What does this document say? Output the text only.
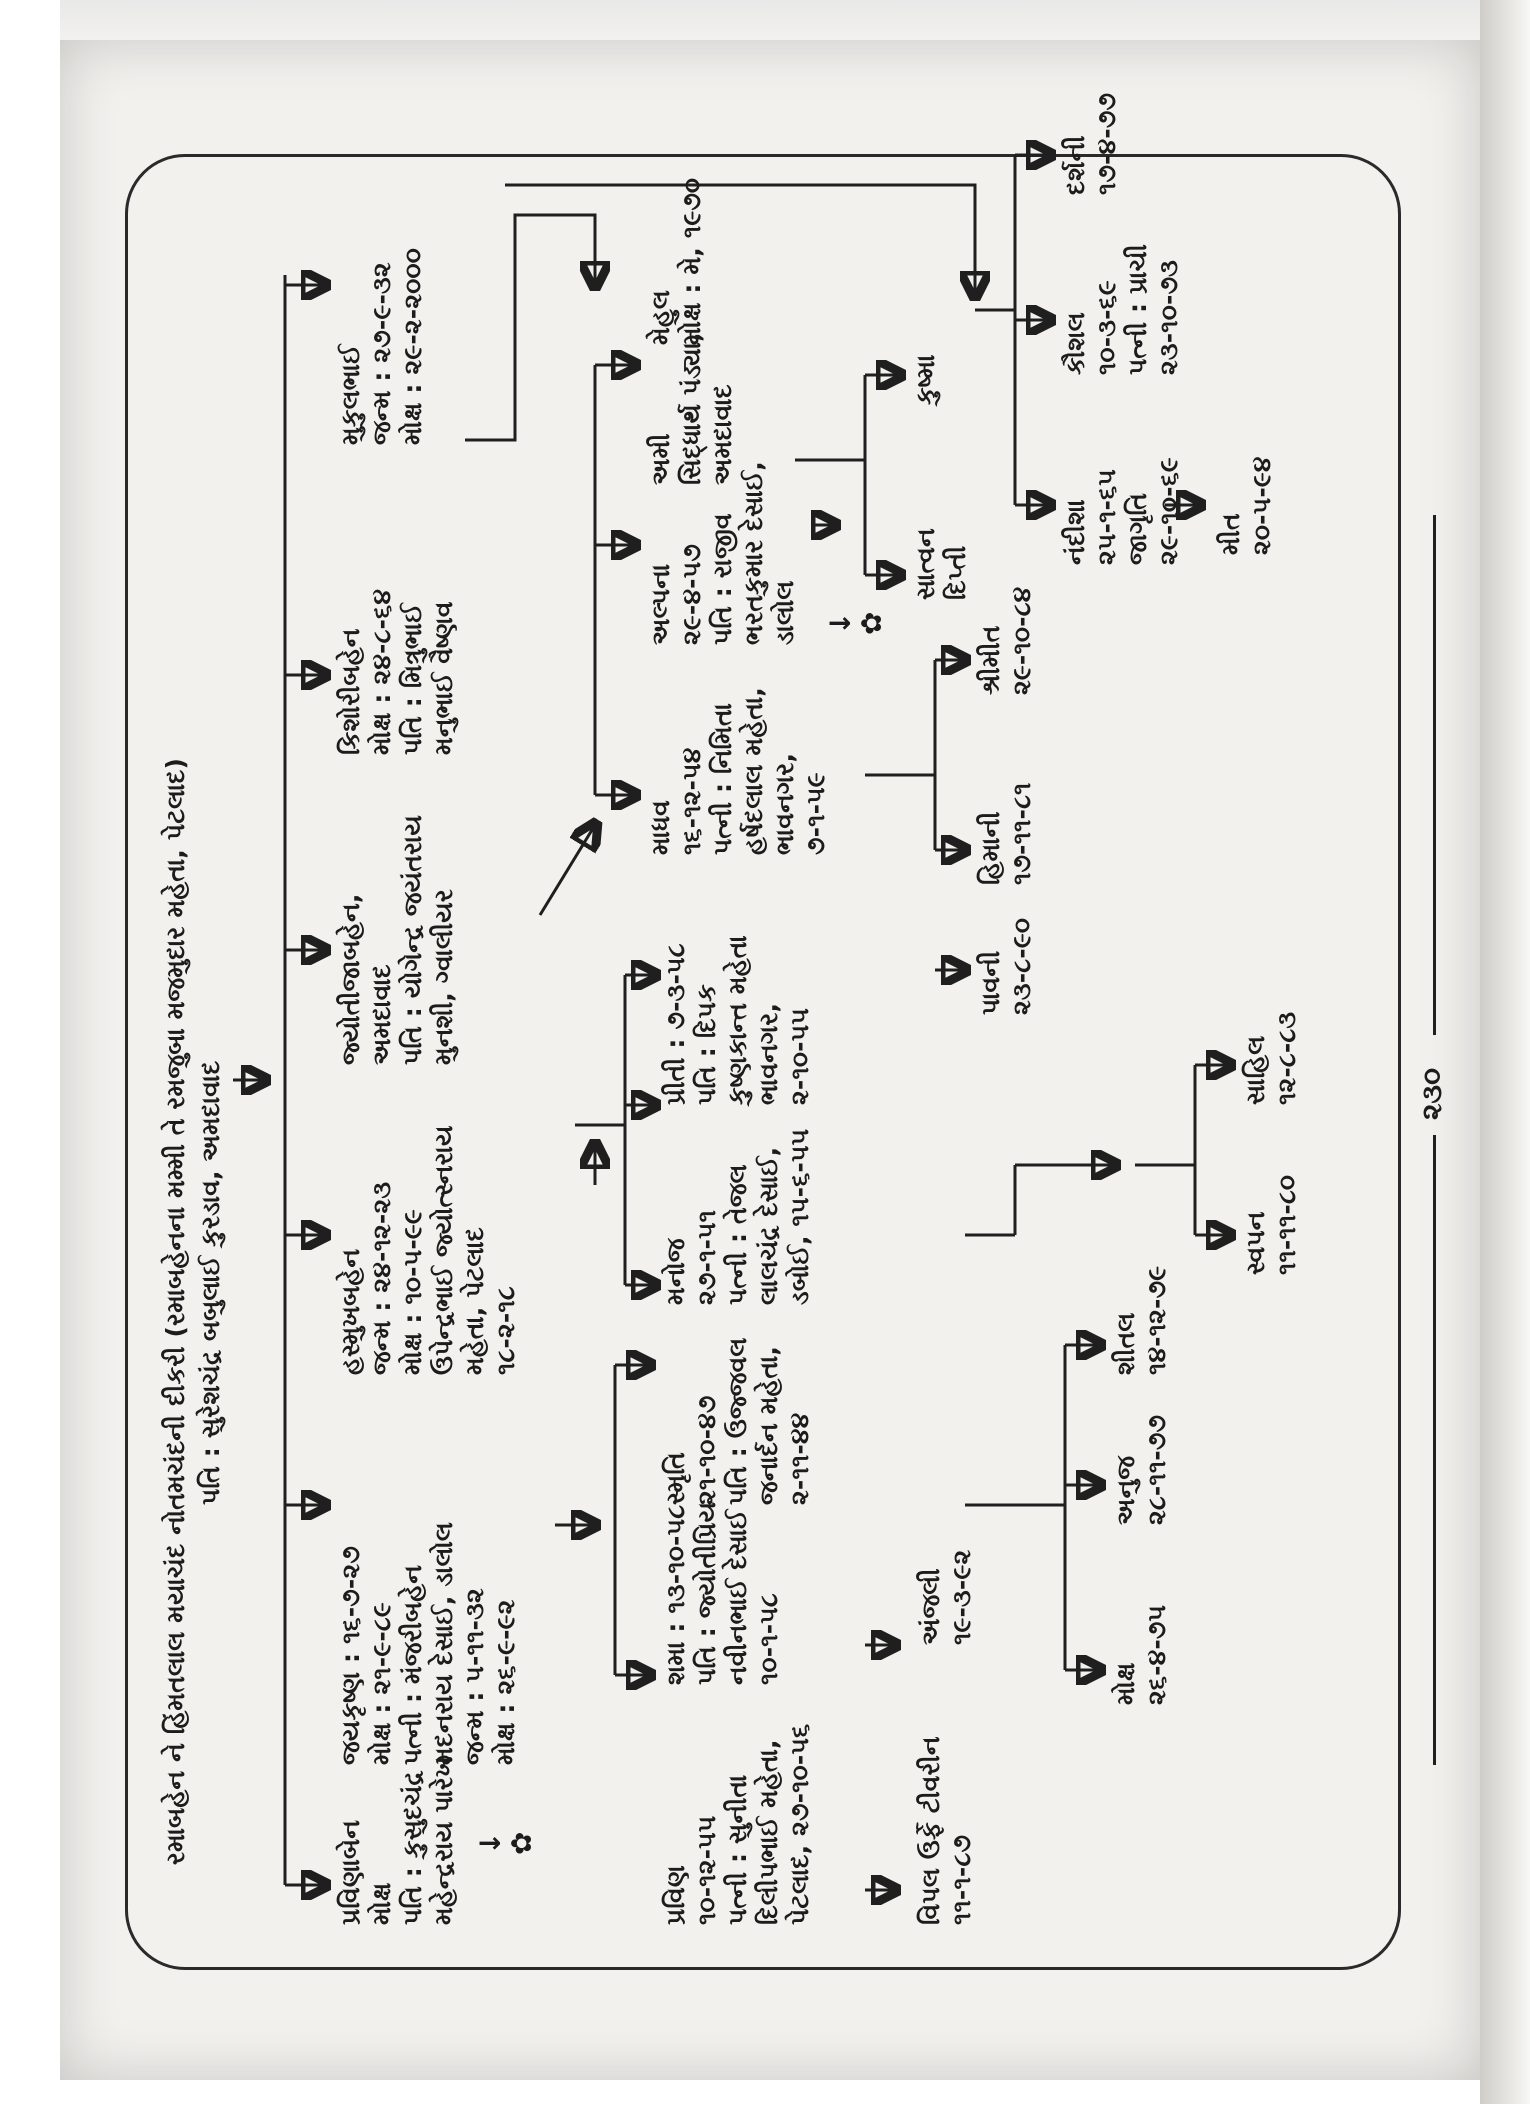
રમાબહેન ને હિંમતલાલ મયાચંદ નોતમચંદની દીકરી (રમાબહેનના મમ્મી તે રમજુબા મજમુદાર મહેતા, પેટલાદ) પતિ : સુરેશચંદ્ર બબુલાઈ કુરડાવ, અમદાવાદ
પ્રવિણાબેન
મોક્ષ
પતિ : કુસુદચંદ્ર
મહેન્દ્રરાય પારેખ
જયકૃષ્ણ : ૧૬-૭-૨૭
મોક્ષ : ૨૧-૯-૮૯
પત્ની : મંજરીબહેન
મદનરાય દેસાઈ, ડાલોલ
જન્મ : ૫-૧૧-૩૨
મોક્ષ : ૨૬-૯-૯૨
હસ્મુખબહેન
જન્મ : ૨૪-૧૨-૨૩
મોક્ષ : ૧૦-૫-૯૯
ઉપેન્દ્રભાઈ જ્યોત્સ્નરાય
મહેતા, પેટલાદ
૧૮-૨-૧૮
જ્યોતીજાબહેન,
અમદાવાદ
પતિ : યોગેન્દ્ર જયંતરાય
મુનશી, ગ્વાલીયર
કિશોરીબહેન
મોક્ષ : ૨૪-૮-૬૪
પતિ : મિત્રુભાઈ
મનુભાઈ વૈષ્ણવ
મુકુલભાઈ
જન્મ : ૨૭-૯-૩૨
મોક્ષ : ૨૯-૨-૨૦૦૦
↓
✿
પ્રવિણ
૧૦-૧૨-૫૫
પત્ની : સુનીતા
દિલીપભાઈ મહેતા,
પેટલાદ, ૨૭-૧૦-૫૬
વિપલ ઉર્ફે ટીવરીન
૧૧-૧-૮૭
શમા : ૧૩-૧૦-૫૮
પતિ : જ્યોતીપ્રિય
નવીનભાઈ દેસાઈ
૧૦-૧-૫૮	અંજલી
૧૯-૩-૯૨
સ્મૃતિ
૨૧-૧૦-૪૭
પતિ : ઉજ્જવલ
જનાર્દન મહેતા,
૨-૧૧-૪૪
મનોજ
૨૭-૧-૫૧
પત્ની : તેજલ
લાલચંદ્ર દેસાઈ,
ડબોઈ, ૧૫-૬-૫૫
પ્રીતી : ૭-૩-૫૮
પતિ : દિપક
કુષ્ણકાન્ત મહેતા
ભાવનગર,
૨-૧૦-૫૫
માધવ
૧૬-૧૨-૫૪
પત્ની : નિમિતા
હર્ષદલાલ મહેતા,
ભાવનગર,
૭-૧-૫૯
અલ્પના
૨૯-૪-૫૭
પતિ : રાજીવ
ભરતકુમાર દેસાઈ,
ડાલોલ
અમી
સિદ્ધાર્થ પંડ્યા,
અમદાવાદ
મેહુલ
મોક્ષ : મે, ૧૯૭૦
↓
✿
મોક્ષ
૨૬-૪-૭૫
અનુજ
૨૮-૧૧-૭૭
શીતલ
૧૪-૧૨-૭૯
સ્વપન
૧૧-૧૧-૮૦
સાહિલ
૧૨-૮-૮૩
પાવની
૨૩-૮-૯૦
હિમાની
૧૭-૧૧-૮૧
શ્રીમીત
૨૯-૧૦-૮૪
સાત્વન
દિપ્તી
કુષ્મા
નંદીશા
૨૫-૧-૬૫
જાગૃતિ
૨૯-૧૦-૬૯
કૌશલ
૧૦-૩-૬૯
પત્ની : પ્રાચી
૨૩-૧૦-૭૩
દર્શની
૧૭-૪-૭૭
મીત
૨૦-૫-૯૪
૨૩૦
